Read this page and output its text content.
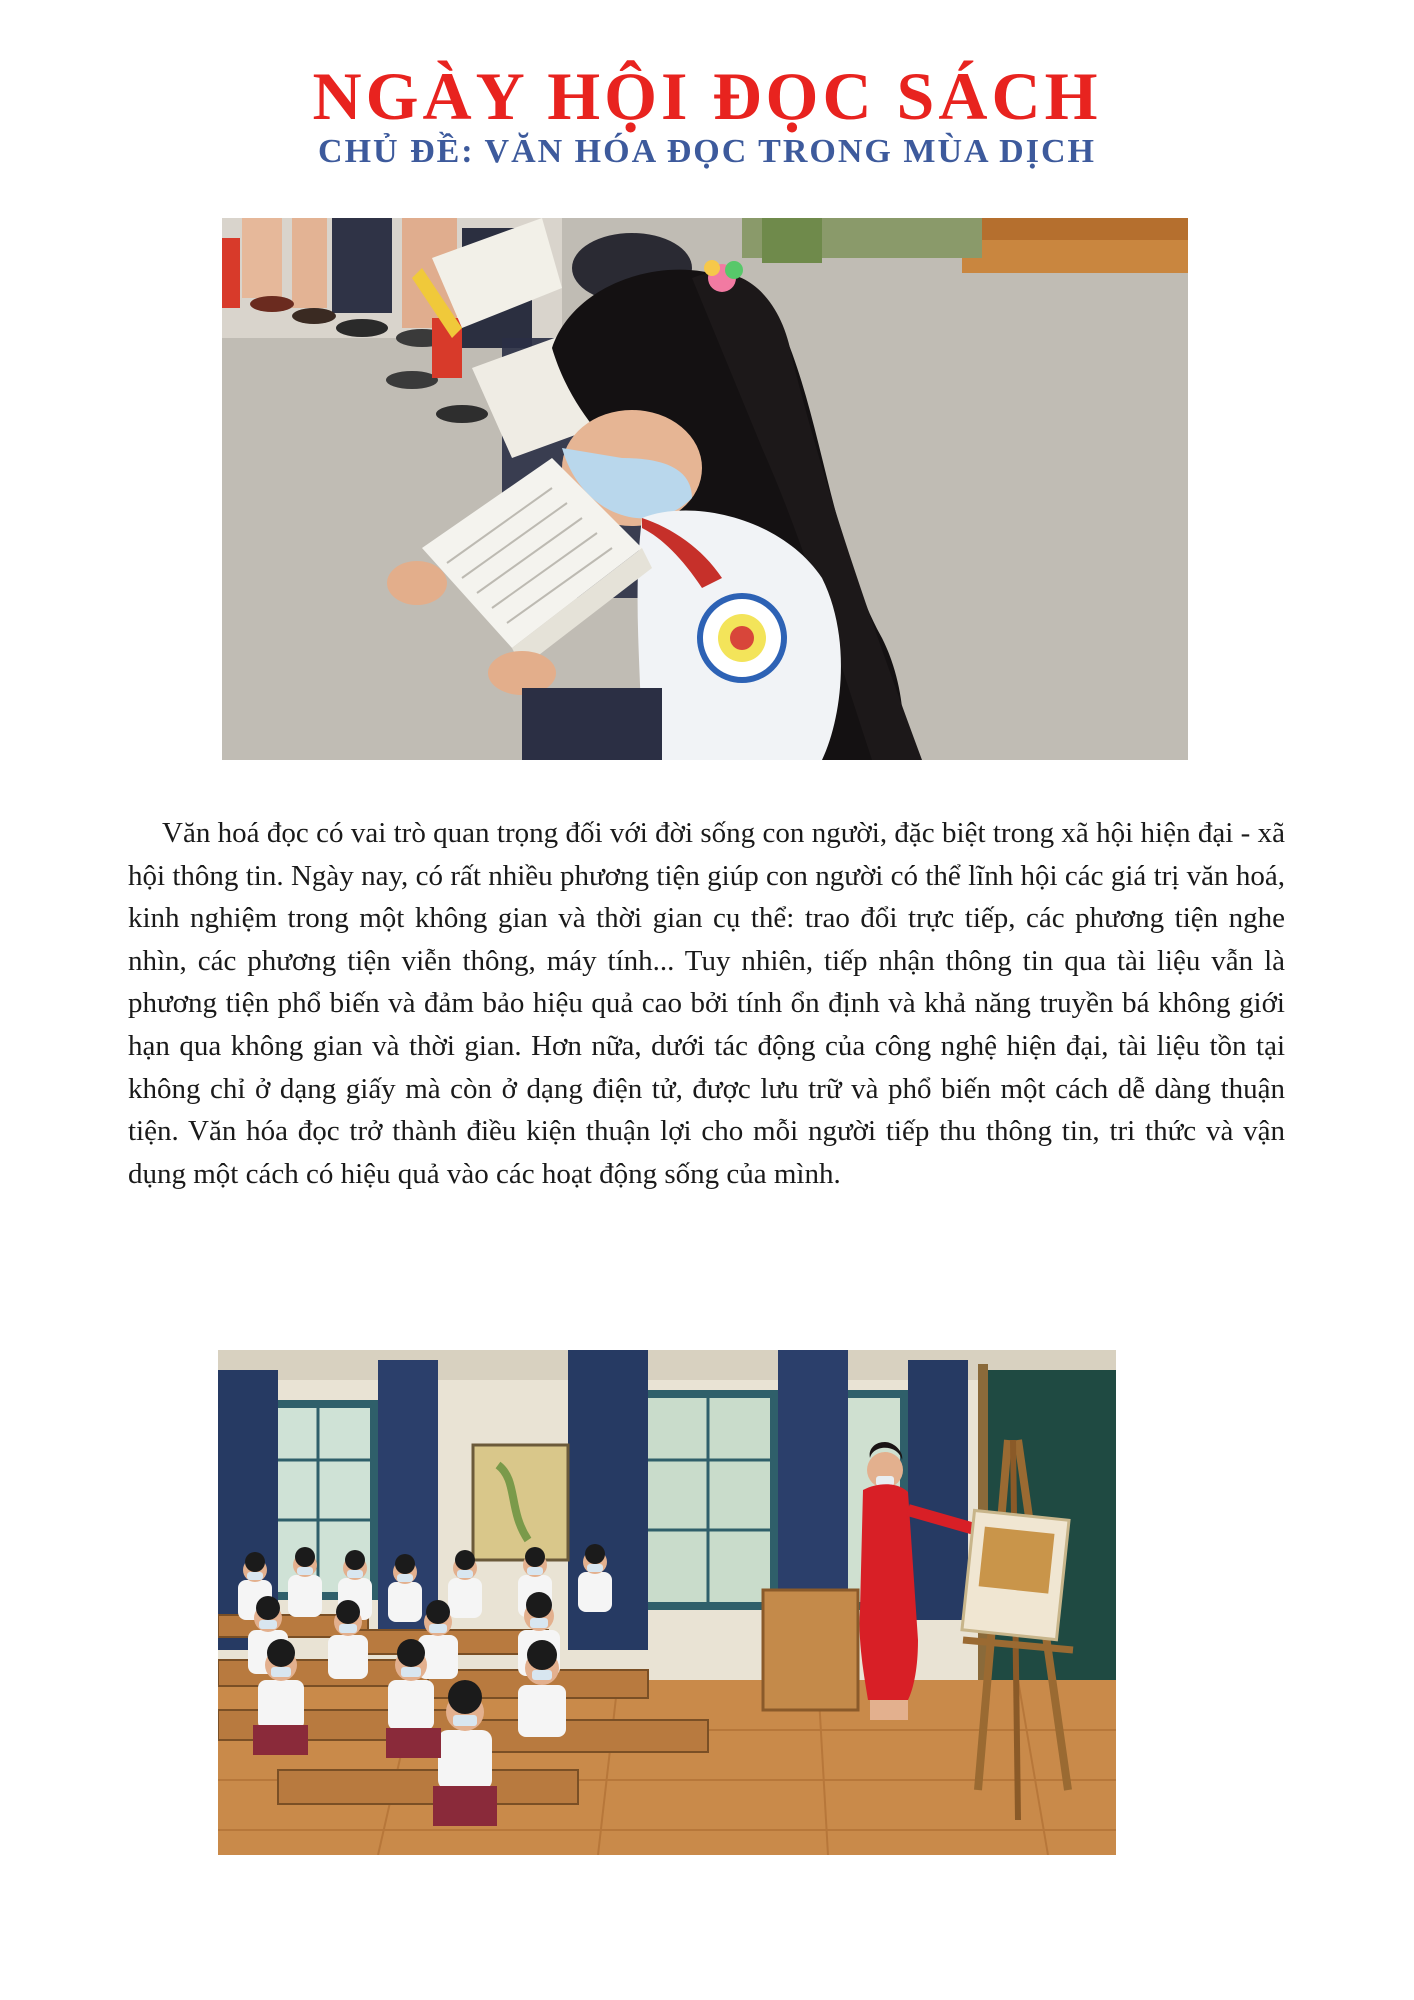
NGÀY HỘI ĐỌC SÁCH
CHỦ ĐỀ: VĂN HÓA ĐỌC TRONG MÙA DỊCH

Văn hoá đọc có vai trò quan trọng đối với đời sống con người, đặc biệt trong xã hội hiện đại - xã hội thông tin. Ngày nay, có rất nhiều phương tiện giúp con người có thể lĩnh hội các giá trị văn hoá, kinh nghiệm trong một không gian và thời gian cụ thể: trao đổi trực tiếp, các phương tiện nghe nhìn, các phương tiện viễn thông, máy tính... Tuy nhiên, tiếp nhận thông tin qua tài liệu vẫn là phương tiện phổ biến và đảm bảo hiệu quả cao bởi tính ổn định và khả năng truyền bá không giới hạn qua không gian và thời gian. Hơn nữa, dưới tác động của công nghệ hiện đại, tài liệu tồn tại không chỉ ở dạng giấy mà còn ở dạng điện tử, được lưu trữ và phổ biến một cách dễ dàng thuận tiện. Văn hóa đọc trở thành điều kiện thuận lợi cho mỗi người tiếp thu thông tin, tri thức và vận dụng một cách có hiệu quả vào các hoạt động sống của mình.
